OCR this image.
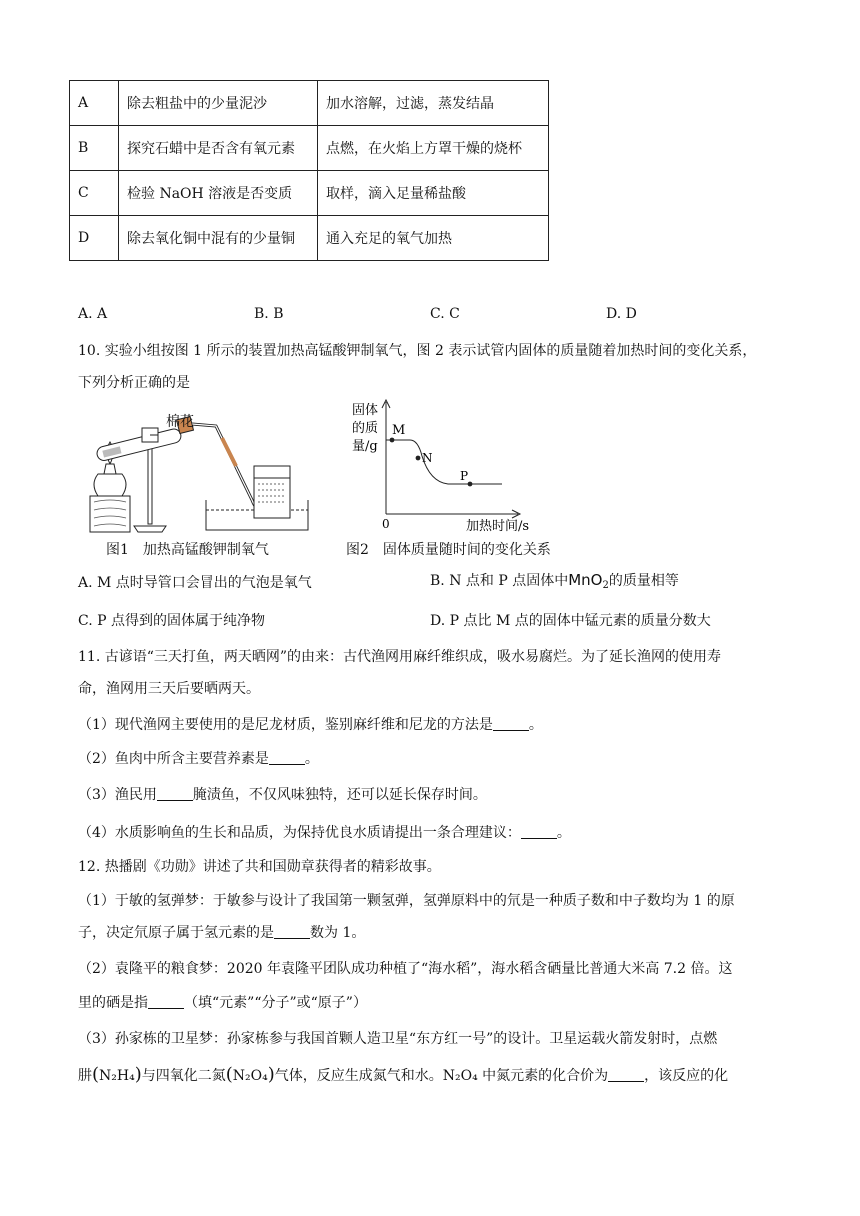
A	除去粗盐中的少量泥沙	加水溶解，过滤，蒸发结晶
B	探究石蜡中是否含有氧元素	点燃，在火焰上方罩干燥的烧杯
C	检验 NaOH 溶液是否变质	取样，滴入足量稀盐酸
D	除去氧化铜中混有的少量铜	通入充足的氧气加热
A. A	B. B	C. C	D. D
10. 实验小组按图 1 所示的装置加热高锰酸钾制氧气，图 2 表示试管内固体的质量随着加热时间的变化关系，
下列分析正确的是
棉花
图1　加热高锰酸钾制氧气
M
N
P
固体
的质
量/g
0	加热时间/s
图2　固体质量随时间的变化关系
A. M 点时导管口会冒出的气泡是氧气	B. N 点和 P 点固体中MnO$_2$的质量相等
C. P 点得到的固体属于纯净物	D. P 点比 M 点的固体中锰元素的质量分数大
11. 古谚语“三天打鱼，两天晒网”的由来：古代渔网用麻纤维织成，吸水易腐烂。为了延长渔网的使用寿
命，渔网用三天后要晒两天。
（1）现代渔网主要使用的是尼龙材质，鉴别麻纤维和尼龙的方法是	。
（2）鱼肉中所含主要营养素是	。
（3）渔民用	腌渍鱼，不仅风味独特，还可以延长保存时间。
（4）水质影响鱼的生长和品质，为保持优良水质请提出一条合理建议：	。
12. 热播剧《功勋》讲述了共和国勋章获得者的精彩故事。
（1）于敏的氢弹梦：于敏参与设计了我国第一颗氢弹，氢弹原料中的氘是一种质子数和中子数均为 1 的原
子，决定氘原子属于氢元素的是	数为 1。
（2）袁隆平的粮食梦：2020 年袁隆平团队成功种植了“海水稻”，海水稻含硒量比普通大米高 7.2 倍。这
里的硒是指	（填“元素”“分子”或“原子”）
（3）孙家栋的卫星梦：孙家栋参与我国首颗人造卫星“东方红一号”的设计。卫星运载火箭发射时，点燃
肼(N₂H₄)与四氧化二氮(N₂O₄)气体，反应生成氮气和水。N₂O₄ 中氮元素的化合价为	，该反应的化
